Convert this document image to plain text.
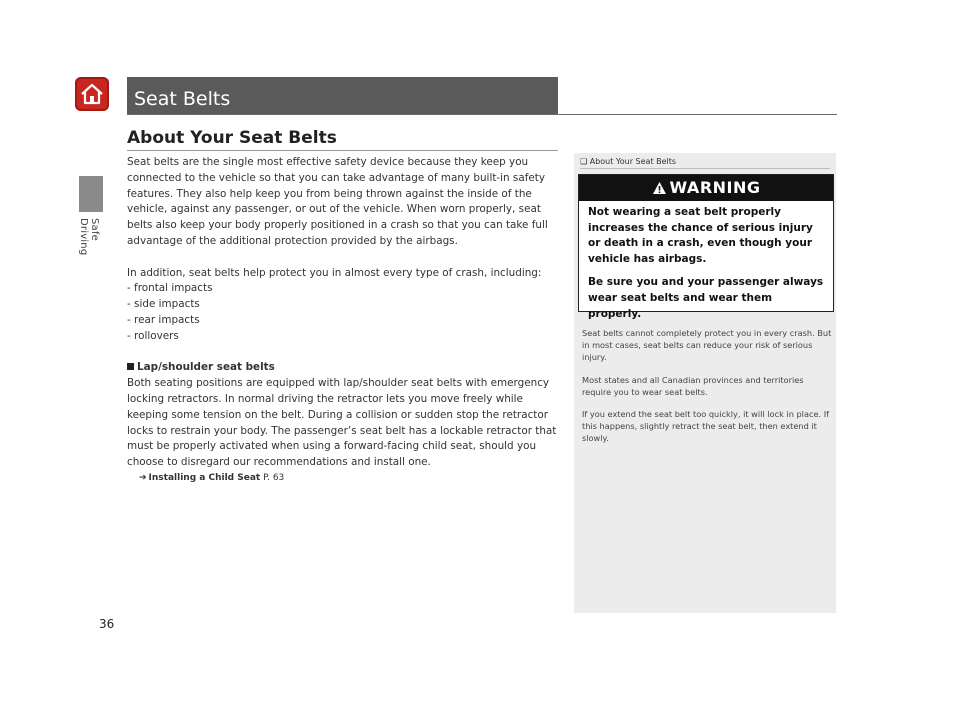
Safe Driving
Seat Belts
About Your Seat Belts

Seat belts are the single most effective safety device because they keep you connected to the vehicle so that you can take advantage of many built-in safety features. They also help keep you from being thrown against the inside of the vehicle, against any passenger, or out of the vehicle. When worn properly, seat belts also keep your body properly positioned in a crash so that you can take full advantage of the additional protection provided by the airbags.

In addition, seat belts help protect you in almost every type of crash, including:

- frontal impacts

- side impacts

- rear impacts

- rollovers

Lap/shoulder seat belts

Both seating positions are equipped with lap/shoulder seat belts with emergency locking retractors. In normal driving the retractor lets you move freely while keeping some tension on the belt. During a collision or sudden stop the retractor locks to restrain your body. The passenger’s seat belt has a lockable retractor that must be properly activated when using a forward-facing child seat, should you choose to disregard our recommendations and install one.

➔ Installing a Child Seat P. 63
❏ About Your Seat Belts
WARNING

Not wearing a seat belt properly increases the chance of serious injury or death in a crash, even though your vehicle has airbags.

Be sure you and your passenger always wear seat belts and wear them properly.

Seat belts cannot completely protect you in every crash. But in most cases, seat belts can reduce your risk of serious injury.

Most states and all Canadian provinces and territories require you to wear seat belts.

If you extend the seat belt too quickly, it will lock in place. If this happens, slightly retract the seat belt, then extend it slowly.

36
